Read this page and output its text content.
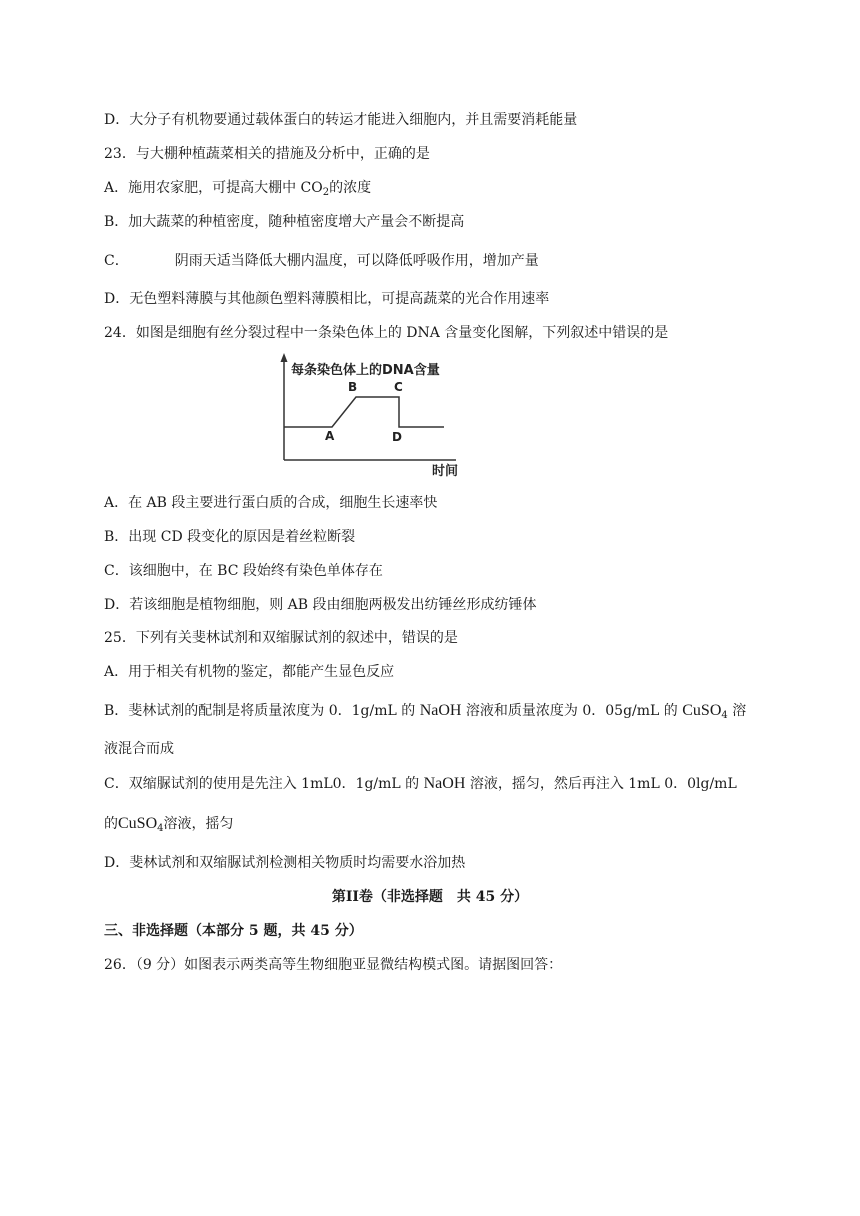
D．大分子有机物要通过载体蛋白的转运才能进入细胞内，并且需要消耗能量
23．与大棚种植蔬菜相关的措施及分析中，正确的是
A．施用农家肥，可提高大棚中 $CO_2$的浓度
B．加大蔬菜的种植密度，随种植密度增大产量会不断提高
C．	阴雨天适当降低大棚内温度，可以降低呼吸作用，增加产量
D．无色塑料薄膜与其他颜色塑料薄膜相比，可提高蔬菜的光合作用速率
24．如图是细胞有丝分裂过程中一条染色体上的 DNA 含量变化图解，下列叙述中错误的是
每条染色体上的DNA含量
时间
A
B	C
D
A．在 AB 段主要进行蛋白质的合成，细胞生长速率快
B．出现 CD 段变化的原因是着丝粒断裂
C．该细胞中，在 BC 段始终有染色单体存在
D．若该细胞是植物细胞，则 AB 段由细胞两极发出纺锤丝形成纺锤体
25．下列有关斐林试剂和双缩脲试剂的叙述中，错误的是
A．用于相关有机物的鉴定，都能产生显色反应
B．斐林试剂的配制是将质量浓度为 0．1g/mL 的 NaOH 溶液和质量浓度为 0．05g/mL 的 CuSO$_4$ 溶
液混合而成
C．双缩脲试剂的使用是先注入 1mL0．1g/mL 的 NaOH 溶液，摇匀，然后再注入 1mL 0．0lg/mL
的CuSO$_4$溶液，摇匀
D．斐林试剂和双缩脲试剂检测相关物质时均需要水浴加热
第II卷（非选择题　共 45 分）
三、非选择题（本部分 5 题，共 45 分）
26．（9 分）如图表示两类高等生物细胞亚显微结构模式图。请据图回答：
